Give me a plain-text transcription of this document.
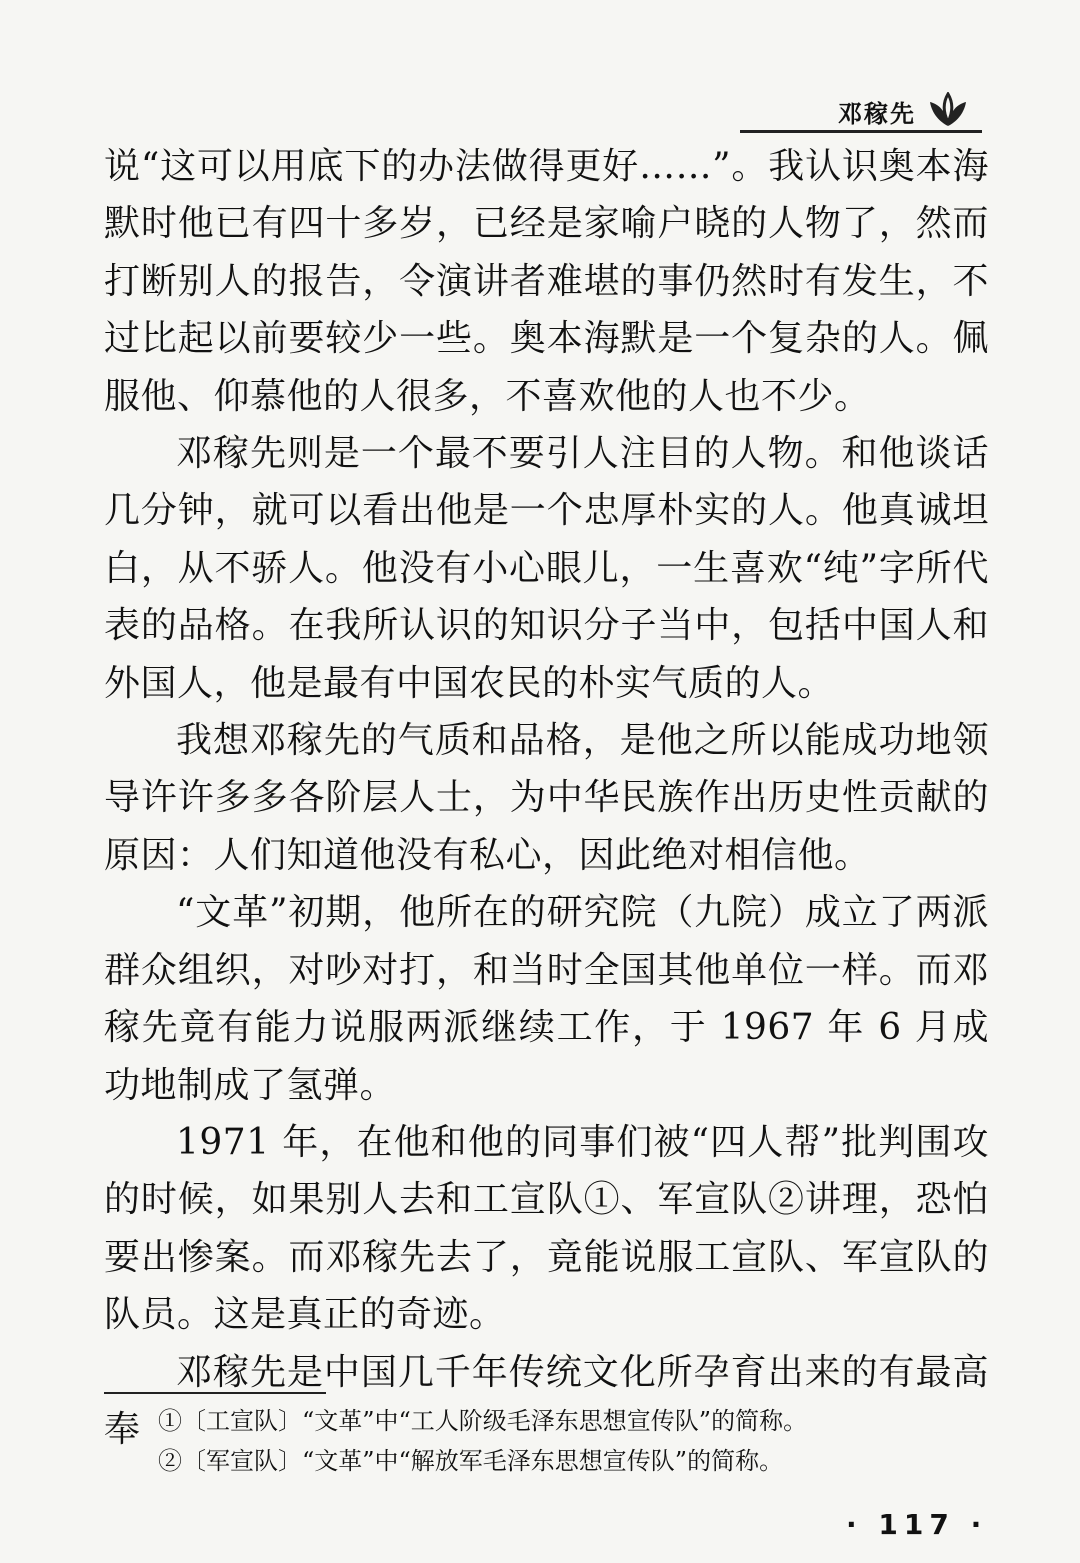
邓稼先

说“这可以用底下的办法做得更好……”。我认识奥本海默时他已有四十多岁，已经是家喻户晓的人物了，然而打断别人的报告，令演讲者难堪的事仍然时有发生，不过比起以前要较少一些。奥本海默是一个复杂的人。佩服他、仰慕他的人很多，不喜欢他的人也不少。

邓稼先则是一个最不要引人注目的人物。和他谈话几分钟，就可以看出他是一个忠厚朴实的人。他真诚坦白，从不骄人。他没有小心眼儿，一生喜欢“纯”字所代表的品格。在我所认识的知识分子当中，包括中国人和外国人，他是最有中国农民的朴实气质的人。

我想邓稼先的气质和品格，是他之所以能成功地领导许许多多各阶层人士，为中华民族作出历史性贡献的原因：人们知道他没有私心，因此绝对相信他。

“文革”初期，他所在的研究院（九院）成立了两派群众组织，对吵对打，和当时全国其他单位一样。而邓稼先竟有能力说服两派继续工作，于 1967 年 6 月成功地制成了氢弹。

1971 年，在他和他的同事们被“四人帮”批判围攻的时候，如果别人去和工宣队①、军宣队②讲理，恐怕要出惨案。而邓稼先去了，竟能说服工宣队、军宣队的队员。这是真正的奇迹。

邓稼先是中国几千年传统文化所孕育出来的有最高奉 ①〔工宣队〕“文革”中“工人阶级毛泽东思想宣传队”的简称。

②〔军宣队〕“文革”中“解放军毛泽东思想宣传队”的简称。

· 117 ·
